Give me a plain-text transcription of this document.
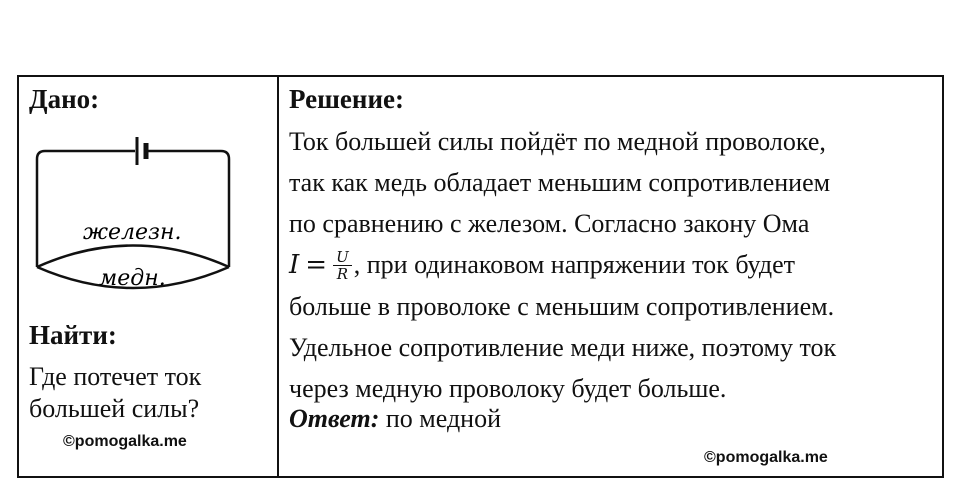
Дано:
железн.
медн.
Найти:
Где потечет ток
большей силы?
©pomogalka.me
Решение:
Ток большей силы пойдёт по медной проволоке,
так как медь обладает меньшим сопротивлением
по сравнению с железом. Согласно закону Ома
$I = \frac{U}{R}$ , при одинаковом напряжении ток будет
больше в проволоке с меньшим сопротивлением.
Удельное сопротивление меди ниже, поэтому ток
через медную проволоку будет больше.
Ответ: по медной
©pomogalka.me
